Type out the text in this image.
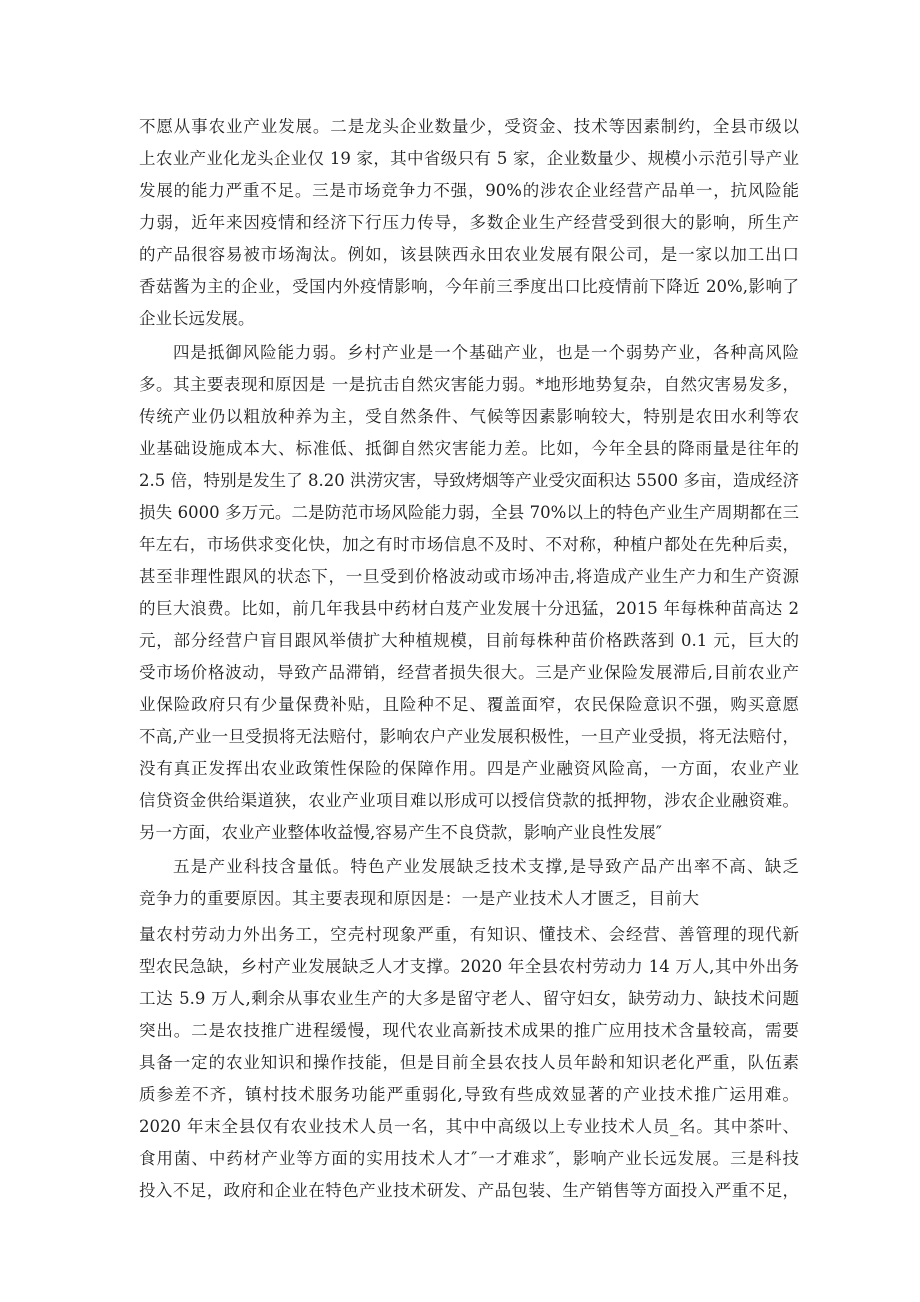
不愿从事农业产业发展。二是龙头企业数量少，受资金、技术等因素制约，全县市级以
上农业产业化龙头企业仅 19 家，其中省级只有 5 家，企业数量少、规模小示范引导产业
发展的能力严重不足。三是市场竞争力不强，90%的涉农企业经营产品单一，抗风险能
力弱，近年来因疫情和经济下行压力传导，多数企业生产经营受到很大的影响，所生产
的产品很容易被市场淘汰。例如，该县陕西永田农业发展有限公司，是一家以加工出口
香菇酱为主的企业，受国内外疫情影响，今年前三季度出口比疫情前下降近 20%,影响了
企业长远发展。
四是抵御风险能力弱。乡村产业是一个基础产业，也是一个弱势产业，各种高风险
多。其主要表现和原因是 一是抗击自然灾害能力弱。*地形地势复杂，自然灾害易发多，
传统产业仍以粗放种养为主，受自然条件、气候等因素影响较大，特别是农田水利等农
业基础设施成本大、标准低、抵御自然灾害能力差。比如，今年全县的降雨量是往年的
2.5 倍，特别是发生了 8.20 洪涝灾害，导致烤烟等产业受灾面积达 5500 多亩，造成经济
损失 6000 多万元。二是防范市场风险能力弱，全县 70%以上的特色产业生产周期都在三
年左右，市场供求变化快，加之有时市场信息不及时、不对称，种植户都处在先种后卖，
甚至非理性跟风的状态下，一旦受到价格波动或市场冲击,将造成产业生产力和生产资源
的巨大浪费。比如，前几年我县中药材白芨产业发展十分迅猛，2015 年每株种苗高达 2
元，部分经营户盲目跟风举债扩大种植规模，目前每株种苗价格跌落到 0.1 元，巨大的
受市场价格波动，导致产品滞销，经营者损失很大。三是产业保险发展滞后,目前农业产
业保险政府只有少量保费补贴，且险种不足、覆盖面窄，农民保险意识不强，购买意愿
不高,产业一旦受损将无法赔付，影响农户产业发展积极性，一旦产业受损，将无法赔付，
没有真正发挥出农业政策性保险的保障作用。四是产业融资风险高，一方面，农业产业
信贷资金供给渠道狭，农业产业项目难以形成可以授信贷款的抵押物，涉农企业融资难。
另一方面，农业产业整体收益慢,容易产生不良贷款，影响产业良性发展″
五是产业科技含量低。特色产业发展缺乏技术支撑,是导致产品产出率不高、缺乏
竞争力的重要原因。其主要表现和原因是：一是产业技术人才匮乏，目前大
量农村劳动力外出务工，空壳村现象严重，有知识、懂技术、会经营、善管理的现代新
型农民急缺，乡村产业发展缺乏人才支撑。2020 年全县农村劳动力 14 万人,其中外出务
工达 5.9 万人,剩余从事农业生产的大多是留守老人、留守妇女，缺劳动力、缺技术问题
突出。二是农技推广进程缓慢，现代农业高新技术成果的推广应用技术含量较高，需要
具备一定的农业知识和操作技能，但是目前全县农技人员年龄和知识老化严重，队伍素
质参差不齐，镇村技术服务功能严重弱化,导致有些成效显著的产业技术推广运用难。
2020 年末全县仅有农业技术人员一名，其中中高级以上专业技术人员_名。其中茶叶、
食用菌、中药材产业等方面的实用技术人才″一才难求″，影响产业长远发展。三是科技
投入不足，政府和企业在特色产业技术研发、产品包装、生产销售等方面投入严重不足，
